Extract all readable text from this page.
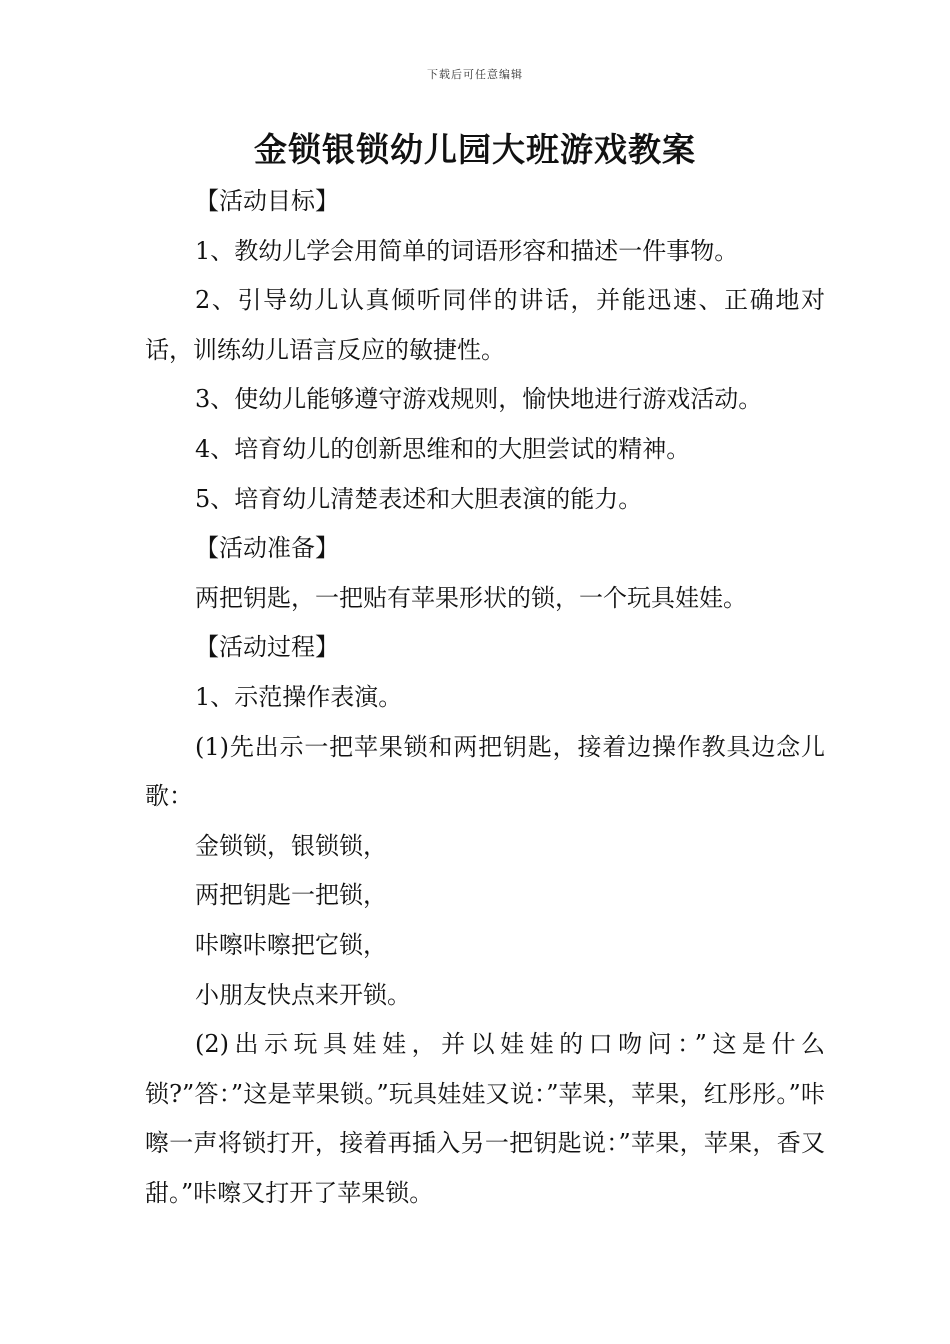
下载后可任意编辑
金锁银锁幼儿园大班游戏教案

【活动目标】

1、教幼儿学会用简单的词语形容和描述一件事物。

2、引导幼儿认真倾听同伴的讲话，并能迅速、正确地对话，训练幼儿语言反应的敏捷性。

3、使幼儿能够遵守游戏规则，愉快地进行游戏活动。

4、培育幼儿的创新思维和的大胆尝试的精神。

5、培育幼儿清楚表述和大胆表演的能力。

【活动准备】

两把钥匙，一把贴有苹果形状的锁，一个玩具娃娃。

【活动过程】

1、示范操作表演。

(1)先出示一把苹果锁和两把钥匙，接着边操作教具边念儿歌：

金锁锁，银锁锁，

两把钥匙一把锁，

咔嚓咔嚓把它锁，

小朋友快点来开锁。

(2)出示玩具娃娃，并以娃娃的口吻问：”这是什么锁?”答：”这是苹果锁。”玩具娃娃又说：”苹果，苹果，红彤彤。”咔嚓一声将锁打开，接着再插入另一把钥匙说：”苹果，苹果，香又甜。”咔嚓又打开了苹果锁。
